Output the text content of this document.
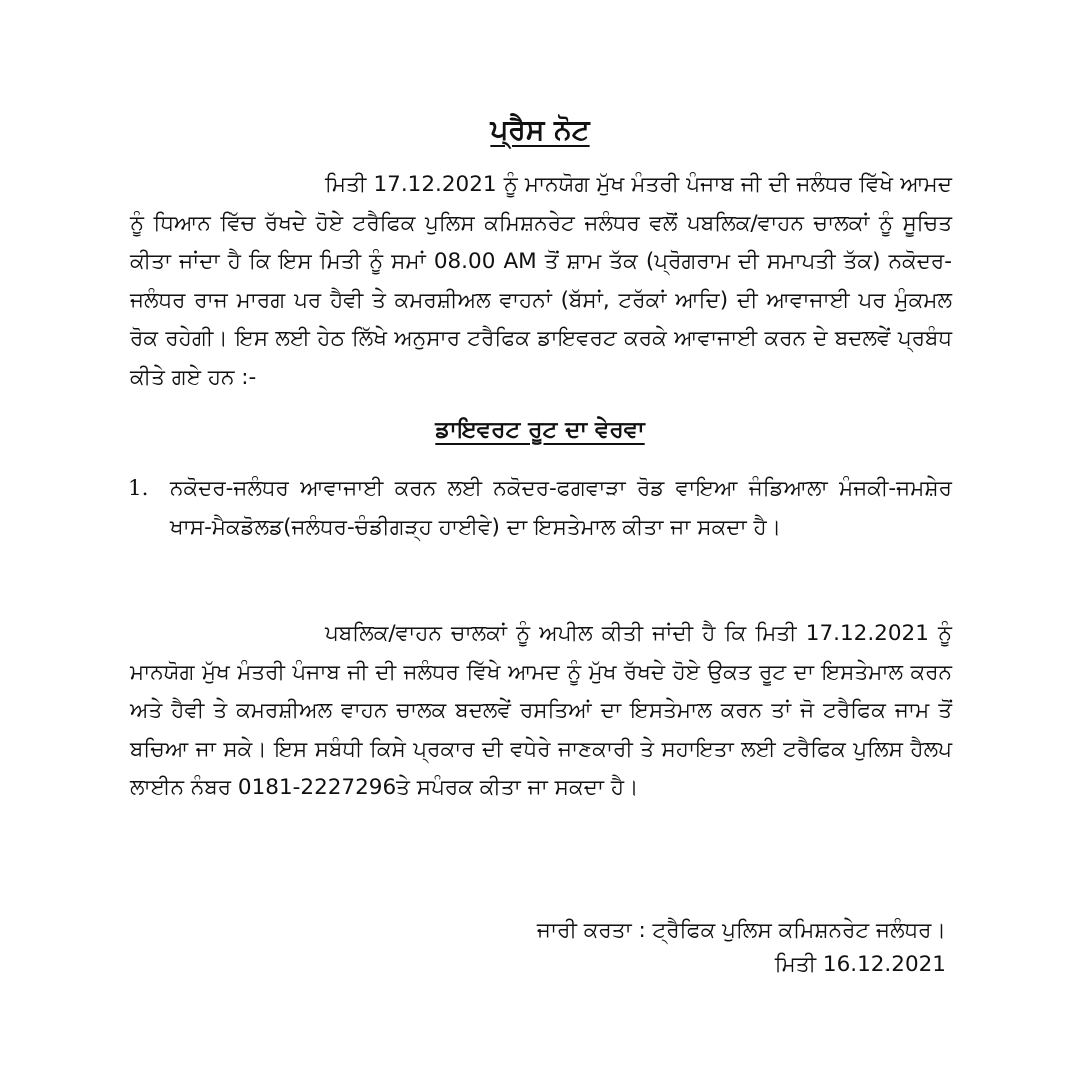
ਪ੍ਰੈਸ ਨੋਟ

ਮਿਤੀ 17.12.2021 ਨੂੰ ਮਾਨਯੋਗ ਮੁੱਖ ਮੰਤਰੀ ਪੰਜਾਬ ਜੀ ਦੀ ਜਲੰਧਰ ਵਿੱਖੇ ਆਮਦ ਨੂੰ ਧਿਆਨ ਵਿੱਚ ਰੱਖਦੇ ਹੋਏ ਟਰੈਫਿਕ ਪੁਲਿਸ ਕਮਿਸ਼ਨਰੇਟ ਜਲੰਧਰ ਵਲੋਂ ਪਬਲਿਕ/ਵਾਹਨ ਚਾਲਕਾਂ ਨੂੰ ਸੂਚਿਤ ਕੀਤਾ ਜਾਂਦਾ ਹੈ ਕਿ ਇਸ ਮਿਤੀ ਨੂੰ ਸਮਾਂ 08.00 AM ਤੋਂ ਸ਼ਾਮ ਤੱਕ (ਪ੍ਰੋਗਰਾਮ ਦੀ ਸਮਾਪਤੀ ਤੱਕ) ਨਕੋਦਰ-ਜਲੰਧਰ ਰਾਜ ਮਾਰਗ ਪਰ ਹੈਵੀ ਤੇ ਕਮਰਸ਼ੀਅਲ ਵਾਹਨਾਂ (ਬੱਸਾਂ, ਟਰੱਕਾਂ ਆਦਿ) ਦੀ ਆਵਾਜਾਈ ਪਰ ਮੁੰਕਮਲ ਰੋਕ ਰਹੇਗੀ। ਇਸ ਲਈ ਹੇਠ ਲਿੱਖੇ ਅਨੁਸਾਰ ਟਰੈਫਿਕ ਡਾਇਵਰਟ ਕਰਕੇ ਆਵਾਜਾਈ ਕਰਨ ਦੇ ਬਦਲਵੇਂ ਪ੍ਰਬੰਧ ਕੀਤੇ ਗਏ ਹਨ :-

ਡਾਇਵਰਟ ਰੂਟ ਦਾ ਵੇਰਵਾ
1. ਨਕੋਦਰ-ਜਲੰਧਰ ਆਵਾਜਾਈ ਕਰਨ ਲਈ ਨਕੋਦਰ-ਫਗਵਾੜਾ ਰੋਡ ਵਾਇਆ ਜੰਡਿਆਲਾ ਮੰਜਕੀ-ਜਮਸ਼ੇਰ ਖਾਸ-ਮੈਕਡੋਲਡ(ਜਲੰਧਰ-ਚੰਡੀਗੜ੍ਹ ਹਾਈਵੇ) ਦਾ ਇਸਤੇਮਾਲ ਕੀਤਾ ਜਾ ਸਕਦਾ ਹੈ।

ਪਬਲਿਕ/ਵਾਹਨ ਚਾਲਕਾਂ ਨੂੰ ਅਪੀਲ ਕੀਤੀ ਜਾਂਦੀ ਹੈ ਕਿ ਮਿਤੀ 17.12.2021 ਨੂੰ ਮਾਨਯੋਗ ਮੁੱਖ ਮੰਤਰੀ ਪੰਜਾਬ ਜੀ ਦੀ ਜਲੰਧਰ ਵਿੱਖੇ ਆਮਦ ਨੂੰ ਮੁੱਖ ਰੱਖਦੇ ਹੋਏ ਉਕਤ ਰੂਟ ਦਾ ਇਸਤੇਮਾਲ ਕਰਨ ਅਤੇ ਹੈਵੀ ਤੇ ਕਮਰਸ਼ੀਅਲ ਵਾਹਨ ਚਾਲਕ ਬਦਲਵੇਂ ਰਸਤਿਆਂ ਦਾ ਇਸਤੇਮਾਲ ਕਰਨ ਤਾਂ ਜੋ ਟਰੈਫਿਕ ਜਾਮ ਤੋਂ ਬਚਿਆ ਜਾ ਸਕੇ। ਇਸ ਸਬੰਧੀ ਕਿਸੇ ਪ੍ਰਕਾਰ ਦੀ ਵਧੇਰੇ ਜਾਣਕਾਰੀ ਤੇ ਸਹਾਇਤਾ ਲਈ ਟਰੈਫਿਕ ਪੁਲਿਸ ਹੈਲਪ ਲਾਈਨ ਨੰਬਰ 0181-2227296ਤੇ ਸਪੰਰਕ ਕੀਤਾ ਜਾ ਸਕਦਾ ਹੈ।

ਜਾਰੀ ਕਰਤਾ : ਟ੍ਰੈਫਿਕ ਪੁਲਿਸ ਕਮਿਸ਼ਨਰੇਟ ਜਲੰਧਰ।
ਮਿਤੀ 16.12.2021
